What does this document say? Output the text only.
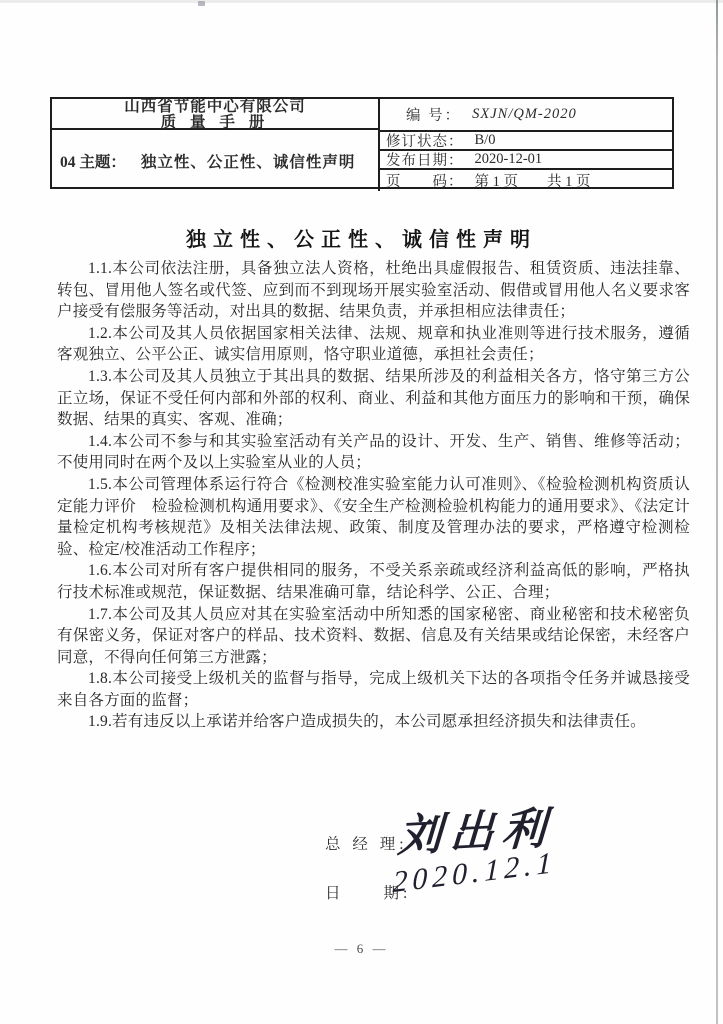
山西省节能中心有限公司
质 量 手 册
04 主题： 独立性、公正性、诚信性声明
编 号： SXJN/QM-2020
修订状态： B/0
发布日期： 2020-12-01
页　　码： 第 1 页　　共 1 页
独立性、公正性、诚信性声明

1.1.本公司依法注册，具备独立法人资格，杜绝出具虚假报告、租赁资质、违法挂靠、转包、冒用他人签名或代签、应到而不到现场开展实验室活动、假借或冒用他人名义要求客户接受有偿服务等活动，对出具的数据、结果负责，并承担相应法律责任；

1.2.本公司及其人员依据国家相关法律、法规、规章和执业准则等进行技术服务，遵循客观独立、公平公正、诚实信用原则，恪守职业道德，承担社会责任；

1.3.本公司及其人员独立于其出具的数据、结果所涉及的利益相关各方，恪守第三方公正立场，保证不受任何内部和外部的权利、商业、利益和其他方面压力的影响和干预，确保数据、结果的真实、客观、准确；

1.4.本公司不参与和其实验室活动有关产品的设计、开发、生产、销售、维修等活动；不使用同时在两个及以上实验室从业的人员；

1.5.本公司管理体系运行符合《检测校准实验室能力认可准则》、《检验检测机构资质认定能力评价　检验检测机构通用要求》、《安全生产检测检验机构能力的通用要求》、《法定计量检定机构考核规范》及相关法律法规、政策、制度及管理办法的要求，严格遵守检测检验、检定/校准活动工作程序；

1.6.本公司对所有客户提供相同的服务，不受关系亲疏或经济利益高低的影响，严格执行技术标准或规范，保证数据、结果准确可靠，结论科学、公正、合理；

1.7.本公司及其人员应对其在实验室活动中所知悉的国家秘密、商业秘密和技术秘密负有保密义务，保证对客户的样品、技术资料、数据、信息及有关结果或结论保密，未经客户同意，不得向任何第三方泄露；

1.8.本公司接受上级机关的监督与指导，完成上级机关下达的各项指令任务并诚恳接受来自各方面的监督；

1.9.若有违反以上承诺并给客户造成损失的，本公司愿承担经济损失和法律责任。

总 经 理:
刘出利
日　　期:
2020.12.1
— 6 —
